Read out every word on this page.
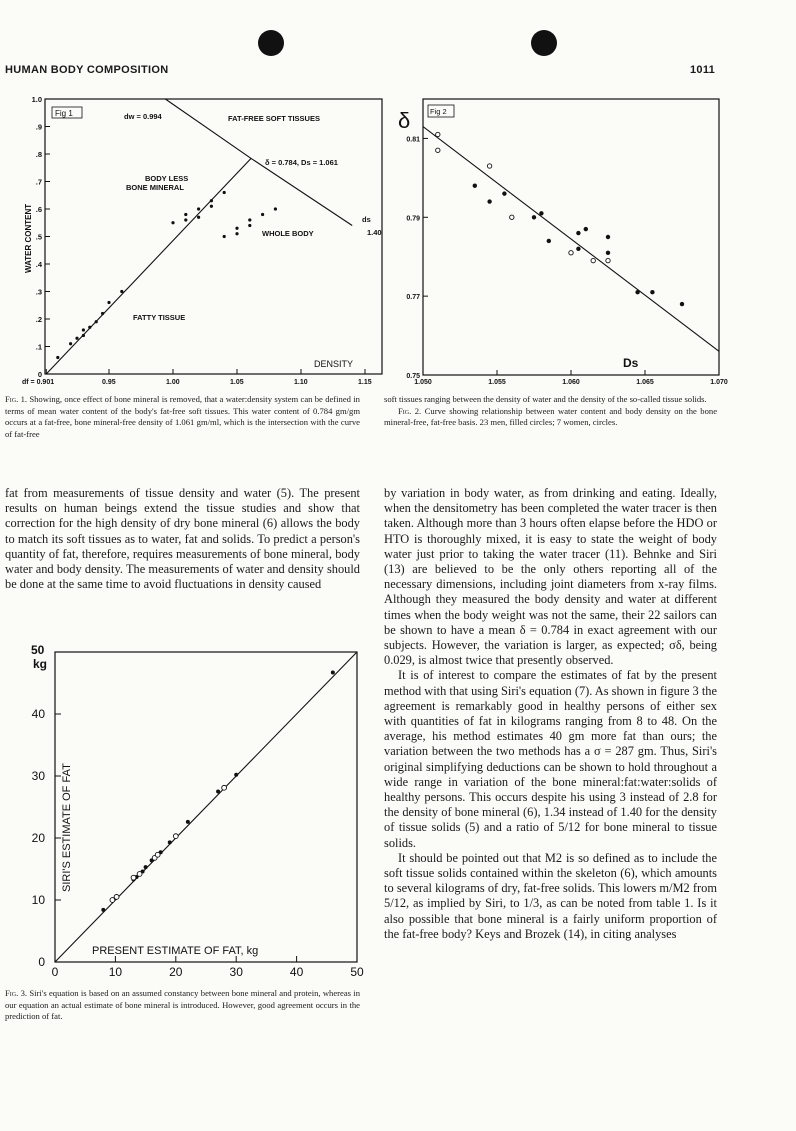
HUMAN BODY COMPOSITION	1011
1.0
.9
.8
.7
.6
.5
.4
.3
.2
.1
0
df = 0.901	0.95	1.00	1.05	1.10	1.15
Fig 1
WATER CONTENT
DENSITY
dw = 0.994	FAT-FREE SOFT TISSUES
δ = 0.784, Ds = 1.061
BODY LESS
BONE MINERAL
WHOLE BODY
FATTY TISSUE
ds
1.40
Fig 2
δ
Ds
0.81
0.79
0.77
0.75
1.050	1.055	1.060	1.065	1.070
Fig. 1. Showing, once effect of bone mineral is removed, that a water:density system can be defined in terms of mean water content of the body's fat-free soft tissues. This water content of 0.784 gm/gm occurs at a fat-free, bone mineral-free density of 1.061 gm/ml, which is the intersection with the curve of fat-free
soft tissues ranging between the density of water and the density of the so-called tissue solids.
Fig. 2. Curve showing relationship between water content and body density on the bone mineral-free, fat-free basis. 23 men, filled circles; 7 women, circles.

fat from measurements of tissue density and water (5). The present results on human beings extend the tissue studies and show that correction for the high density of dry bone mineral (6) allows the body to match its soft tissues as to water, fat and solids. To predict a person's quantity of fat, therefore, requires measurements of bone mineral, body water and body density. The measurements of water and density should be done at the same time to avoid fluctuations in density caused

50
kg
SIRI'S ESTIMATE OF FAT
PRESENT ESTIMATE OF FAT, kg
40
30
20
10
0
0	10	20	30	40	50
Fig. 3. Siri's equation is based on an assumed constancy between bone mineral and protein, whereas in our equation an actual estimate of bone mineral is introduced. However, good agreement occurs in the prediction of fat.

by variation in body water, as from drinking and eating. Ideally, when the densitometry has been completed the water tracer is then taken. Although more than 3 hours often elapse before the HDO or HTO is thoroughly mixed, it is easy to state the weight of body water just prior to taking the water tracer (11). Behnke and Siri (13) are believed to be the only others reporting all of the necessary dimensions, including joint diameters from x-ray films. Although they measured the body density and water at different times when the body weight was not the same, their 22 sailors can be shown to have a mean δ = 0.784 in exact agreement with our subjects. However, the variation is larger, as expected; σδ, being 0.029, is almost twice that presently observed.

It is of interest to compare the estimates of fat by the present method with that using Siri's equation (7). As shown in figure 3 the agreement is remarkably good in healthy persons of either sex with quantities of fat in kilograms ranging from 8 to 48. On the average, his method estimates 40 gm more fat than ours; the variation between the two methods has a σ = 287 gm. Thus, Siri's original simplifying deductions can be shown to hold throughout a wide range in variation of the bone mineral:fat:water:solids of healthy persons. This occurs despite his using 3 instead of 2.8 for the density of bone mineral (6), 1.34 instead of 1.40 for the density of tissue solids (5) and a ratio of 5/12 for bone mineral to tissue solids.

It should be pointed out that M2 is so defined as to include the soft tissue solids contained within the skeleton (6), which amounts to several kilograms of dry, fat-free solids. This lowers m/M2 from 5/12, as implied by Siri, to 1/3, as can be noted from table 1. Is it also possible that bone mineral is a fairly uniform proportion of the fat-free body? Keys and Brozek (14), in citing analyses
